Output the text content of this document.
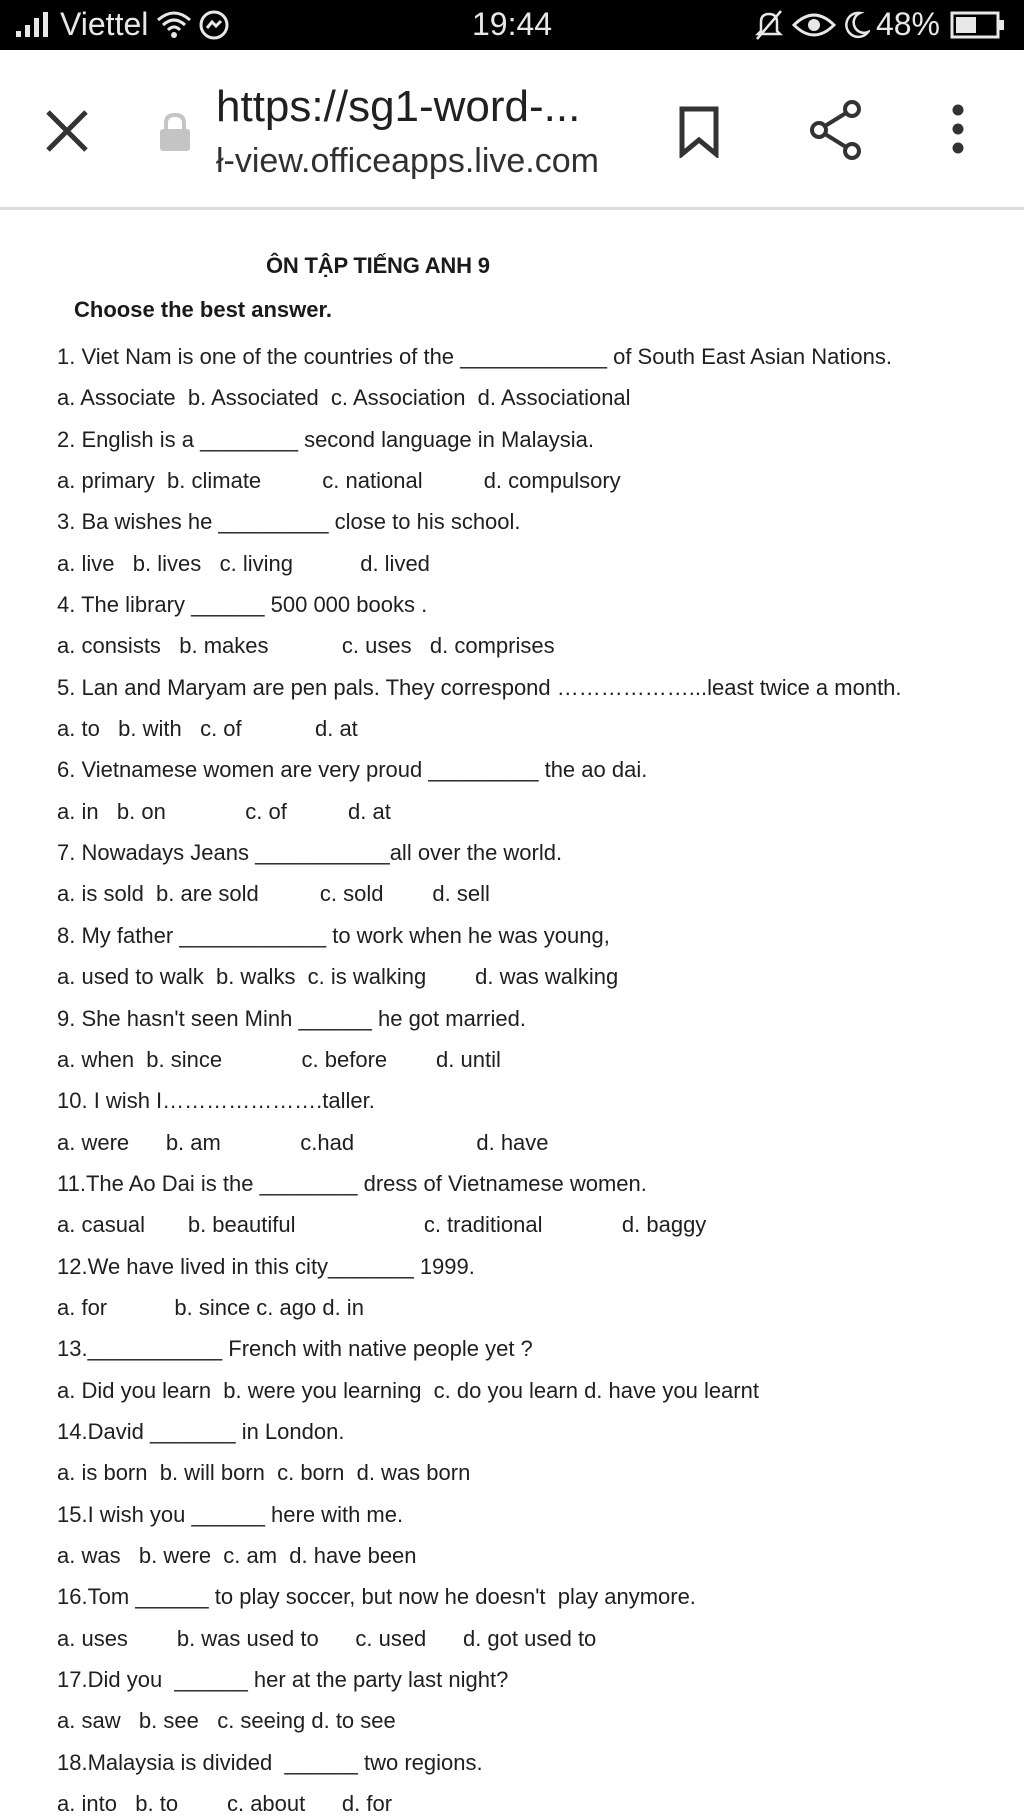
Viettel	19:44	48%
https://sg1-word-...
ł-view.officeapps.live.com
ÔN TẬP TIẾNG ANH 9
Choose the best answer.
1. Viet Nam is one of the countries of the ____________ of South East Asian Nations.
a. Associate  b. Associated  c. Association  d. Associational
2. English is a ________ second language in Malaysia.
a. primary  b. climate          c. national          d. compulsory
3. Ba wishes he _________ close to his school.
a. live   b. lives   c. living           d. lived
4. The library ______ 500 000 books .
a. consists   b. makes            c. uses   d. comprises
5. Lan and Maryam are pen pals. They correspond ………………...least twice a month.
a. to   b. with   c. of            d. at
6. Vietnamese women are very proud _________ the ao dai.
a. in   b. on             c. of          d. at
7. Nowadays Jeans ___________all over the world.
a. is sold  b. are sold          c. sold        d. sell
8. My father ____________ to work when he was young,
a. used to walk  b. walks  c. is walking        d. was walking
9. She hasn't seen Minh ______ he got married.
a. when  b. since             c. before        d. until
10. I wish I………………….taller.
a. were      b. am             c.had                    d. have
11.The Ao Dai is the ________ dress of Vietnamese women.
a. casual       b. beautiful                     c. traditional             d. baggy
12.We have lived in this city_______ 1999.
a. for           b. since c. ago d. in
13.___________ French with native people yet ?
a. Did you learn  b. were you learning  c. do you learn d. have you learnt
14.David _______ in London.
a. is born  b. will born  c. born  d. was born
15.I wish you ______ here with me.
a. was   b. were  c. am  d. have been
16.Tom ______ to play soccer, but now he doesn't  play anymore.
a. uses        b. was used to      c. used      d. got used to
17.Did you  ______ her at the party last night?
a. saw   b. see   c. seeing d. to see
18.Malaysia is divided  ______ two regions.
a. into   b. to        c. about      d. for
